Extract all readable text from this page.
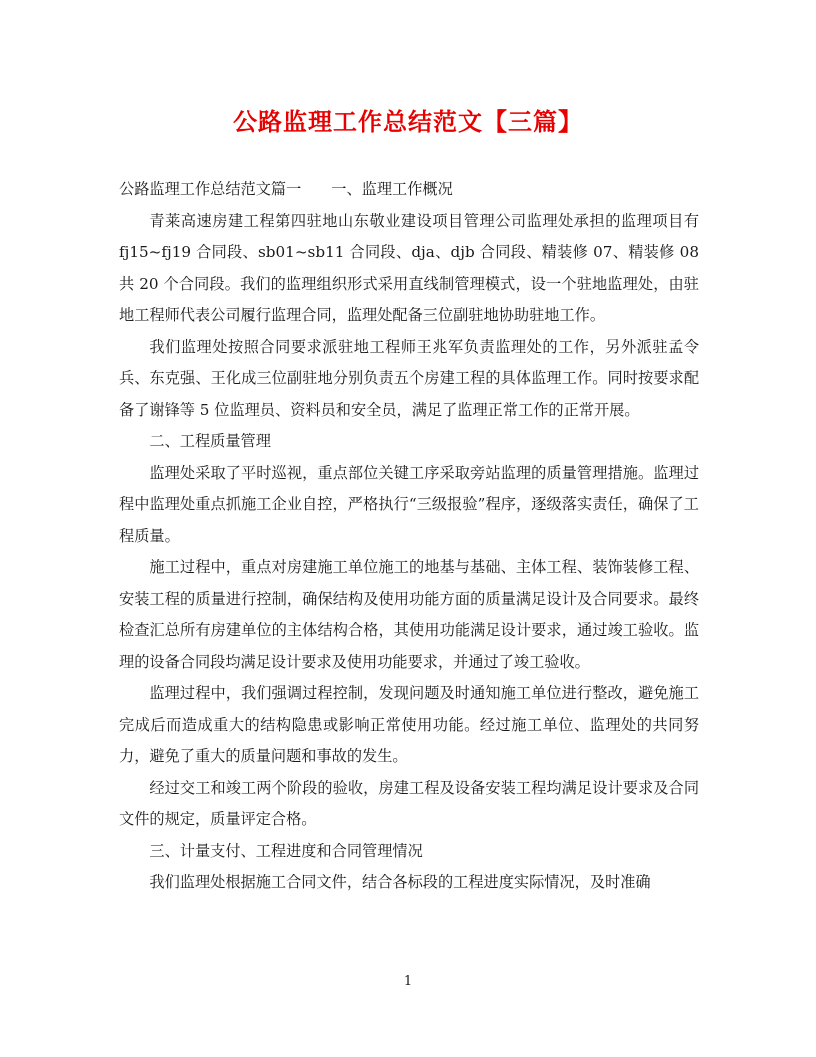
公路监理工作总结范文【三篇】

公路监理工作总结范文篇一 一、监理工作概况

青莱高速房建工程第四驻地山东敬业建设项目管理公司监理处承担的监理项目有 fj15~fj19 合同段、sb01~sb11 合同段、dja、djb 合同段、精装修 07、精装修 08 共 20 个合同段。我们的监理组织形式采用直线制管理模式，设一个驻地监理处，由驻地工程师代表公司履行监理合同，监理处配备三位副驻地协助驻地工作。

我们监理处按照合同要求派驻地工程师王兆军负责监理处的工作，另外派驻孟令兵、东克强、王化成三位副驻地分别负责五个房建工程的具体监理工作。同时按要求配备了谢锋等 5 位监理员、资料员和安全员，满足了监理正常工作的正常开展。

二、工程质量管理

监理处采取了平时巡视，重点部位关键工序采取旁站监理的质量管理措施。监理过程中监理处重点抓施工企业自控，严格执行“三级报验”程序，逐级落实责任，确保了工程质量。

施工过程中，重点对房建施工单位施工的地基与基础、主体工程、装饰装修工程、安装工程的质量进行控制，确保结构及使用功能方面的质量满足设计及合同要求。最终检查汇总所有房建单位的主体结构合格，其使用功能满足设计要求，通过竣工验收。监理的设备合同段均满足设计要求及使用功能要求，并通过了竣工验收。

监理过程中，我们强调过程控制，发现问题及时通知施工单位进行整改，避免施工完成后而造成重大的结构隐患或影响正常使用功能。经过施工单位、监理处的共同努力，避免了重大的质量问题和事故的发生。

经过交工和竣工两个阶段的验收，房建工程及设备安装工程均满足设计要求及合同文件的规定，质量评定合格。

三、计量支付、工程进度和合同管理情况

我们监理处根据施工合同文件，结合各标段的工程进度实际情况，及时准确

1
